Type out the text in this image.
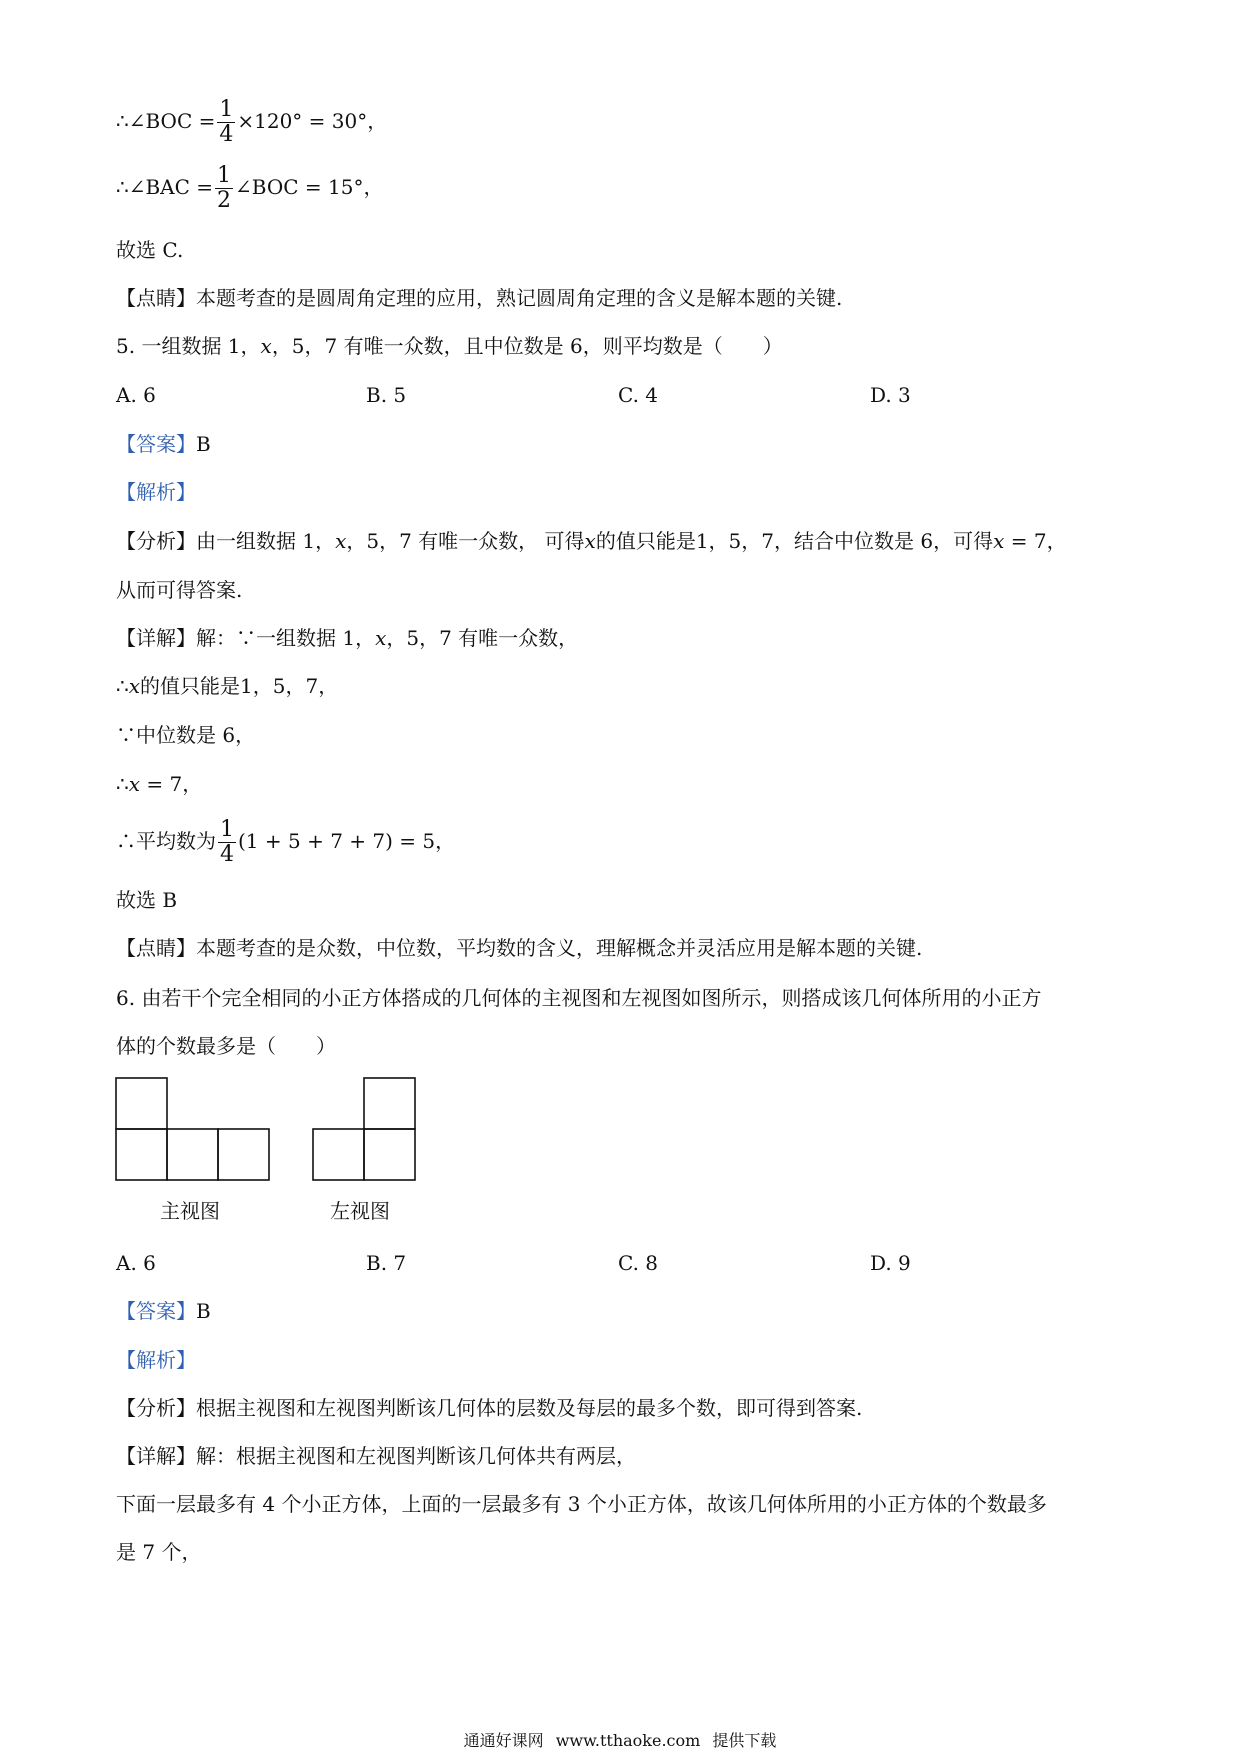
∴∠BOC = $\frac{1}{4} \times 120^\circ = 30^\circ$，
∴∠BAC = $\frac{1}{2}$ ∠BOC = 15°，
故选 C.
【点睛】本题考查的是圆周角定理的应用，熟记圆周角定理的含义是解本题的关键.
5. 一组数据 1，x，5，7 有唯一众数，且中位数是 6，则平均数是（　　）
A. 6	B. 5	C. 4	D. 3
【答案】B
【解析】
【分析】由一组数据 1，x，5，7 有唯一众数， 可得x的值只能是1，5，7，结合中位数是 6，可得x = 7，
从而可得答案.
【详解】解：∵一组数据 1，x，5，7 有唯一众数，
∴x的值只能是1，5，7，
∵中位数是 6，
∴x = 7，
∴平均数为 $\frac{1}{4} (1 + 5 + 7 + 7) = 5$，
故选 B
【点睛】本题考查的是众数，中位数，平均数的含义，理解概念并灵活应用是解本题的关键.
6. 由若干个完全相同的小正方体搭成的几何体的主视图和左视图如图所示，则搭成该几何体所用的小正方
体的个数最多是（　　）
主视图	左视图
A. 6	B. 7	C. 8	D. 9
【答案】B
【解析】
【分析】根据主视图和左视图判断该几何体的层数及每层的最多个数，即可得到答案.
【详解】解：根据主视图和左视图判断该几何体共有两层，
下面一层最多有 4 个小正方体，上面的一层最多有 3 个小正方体，故该几何体所用的小正方体的个数最多
是 7 个，
通通好课网 www.tthaoke.com 提供下载
